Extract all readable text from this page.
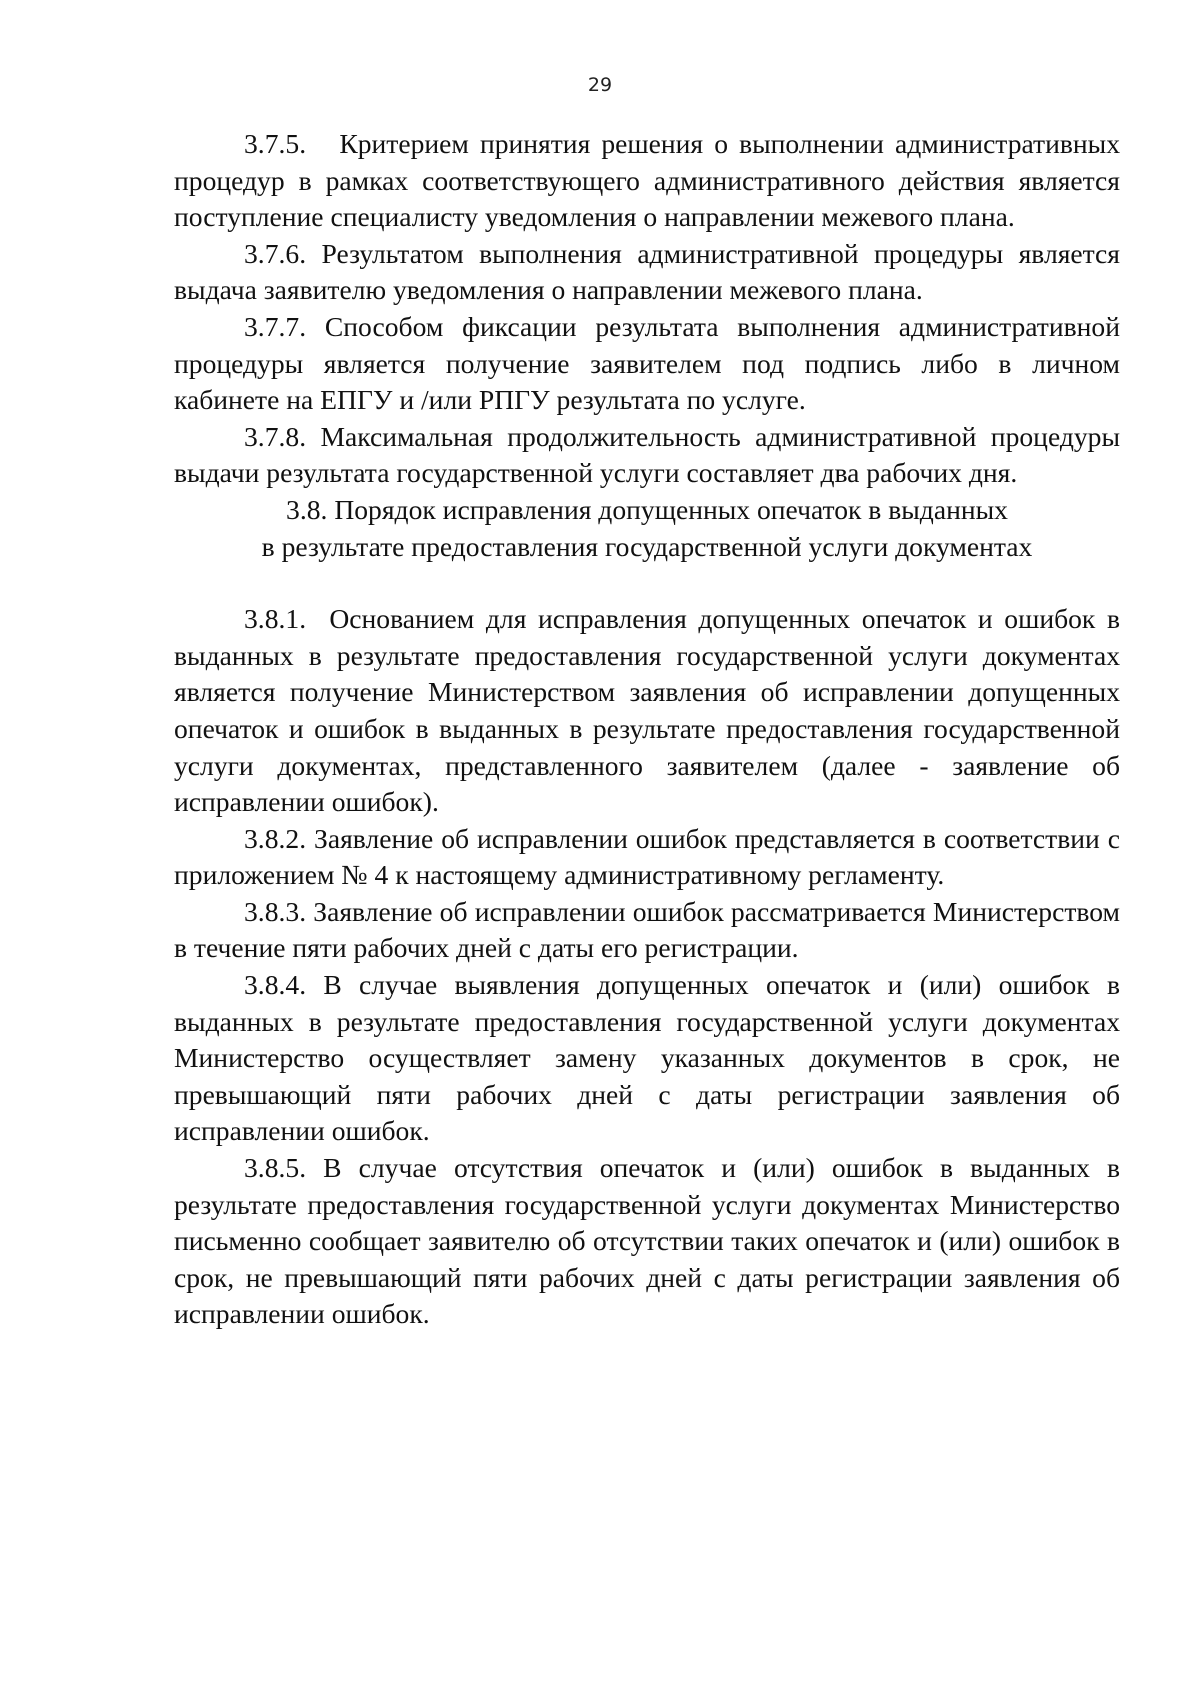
29

3.7.5.   Критерием принятия решения о выполнении административных процедур в рамках соответствующего административного действия является поступление специалисту уведомления о направлении межевого плана.

3.7.6. Результатом выполнения административной процедуры является выдача заявителю уведомления о направлении межевого плана.

3.7.7. Способом фиксации результата выполнения административной процедуры является получение заявителем под подпись либо в личном кабинете на ЕПГУ и /или РПГУ результата по услуге.

3.7.8. Максимальная продолжительность административной процедуры выдачи результата государственной услуги составляет два рабочих дня.

3.8. Порядок исправления допущенных опечаток в выданных
в результате предоставления государственной услуги документах

3.8.1.  Основанием для исправления допущенных опечаток и ошибок в выданных в результате предоставления государственной услуги документах является получение Министерством заявления об исправлении допущенных опечаток и ошибок в выданных в результате предоставления государственной услуги документах, представленного заявителем (далее - заявление об исправлении ошибок).

3.8.2. Заявление об исправлении ошибок представляется в соответствии с приложением № 4 к настоящему административному регламенту.

3.8.3. Заявление об исправлении ошибок рассматривается Министерством в течение пяти рабочих дней с даты его регистрации.

3.8.4. В случае выявления допущенных опечаток и (или) ошибок в выданных в результате предоставления государственной услуги документах Министерство осуществляет замену указанных документов в срок, не превышающий пяти рабочих дней с даты регистрации заявления об исправлении ошибок.

3.8.5. В случае отсутствия опечаток и (или) ошибок в выданных в результате предоставления государственной услуги документах Министерство письменно сообщает заявителю об отсутствии таких опечаток и (или) ошибок в срок, не превышающий пяти рабочих дней с даты регистрации заявления об исправлении ошибок.
